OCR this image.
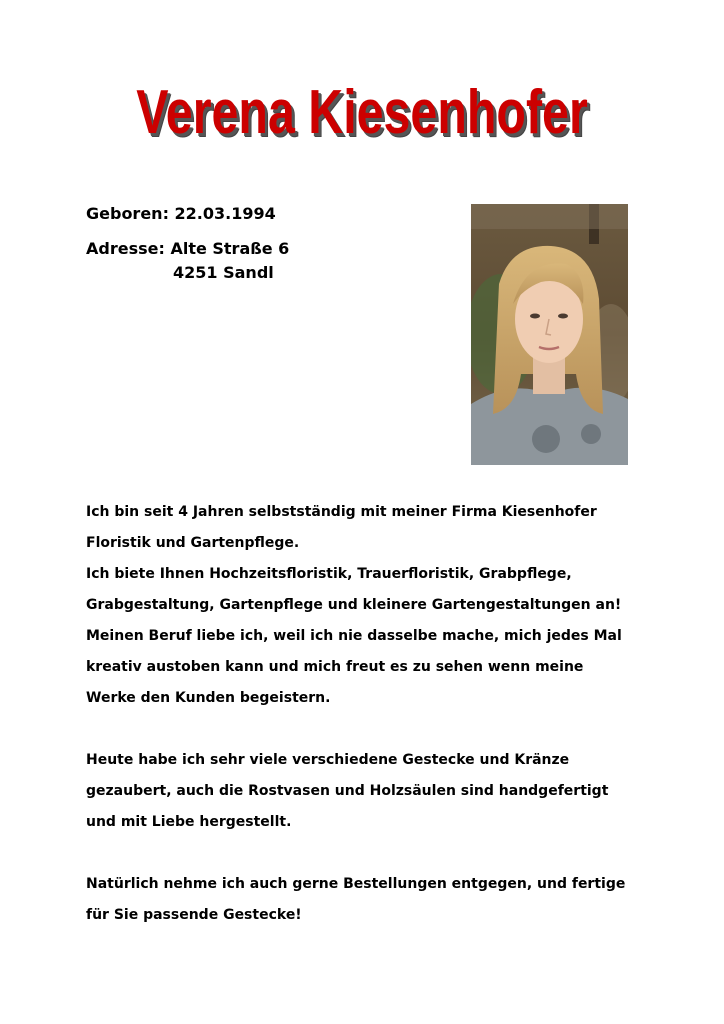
Verena Kiesenhofer
Geboren: 22.03.1994
Adresse: Alte Straße 6
4251 Sandl
Ich bin seit 4 Jahren selbstständig mit meiner Firma Kiesenhofer
Floristik und Gartenpflege.
Ich biete Ihnen Hochzeitsfloristik, Trauerfloristik, Grabpflege,
Grabgestaltung, Gartenpflege und kleinere Gartengestaltungen an!
Meinen Beruf liebe ich, weil ich nie dasselbe mache, mich jedes Mal
kreativ austoben kann und mich freut es zu sehen wenn meine
Werke den Kunden begeistern.
Heute habe ich sehr viele verschiedene Gestecke und Kränze
gezaubert, auch die Rostvasen und Holzsäulen sind handgefertigt
und mit Liebe hergestellt.
Natürlich nehme ich auch gerne Bestellungen entgegen, und fertige
für Sie passende Gestecke!
